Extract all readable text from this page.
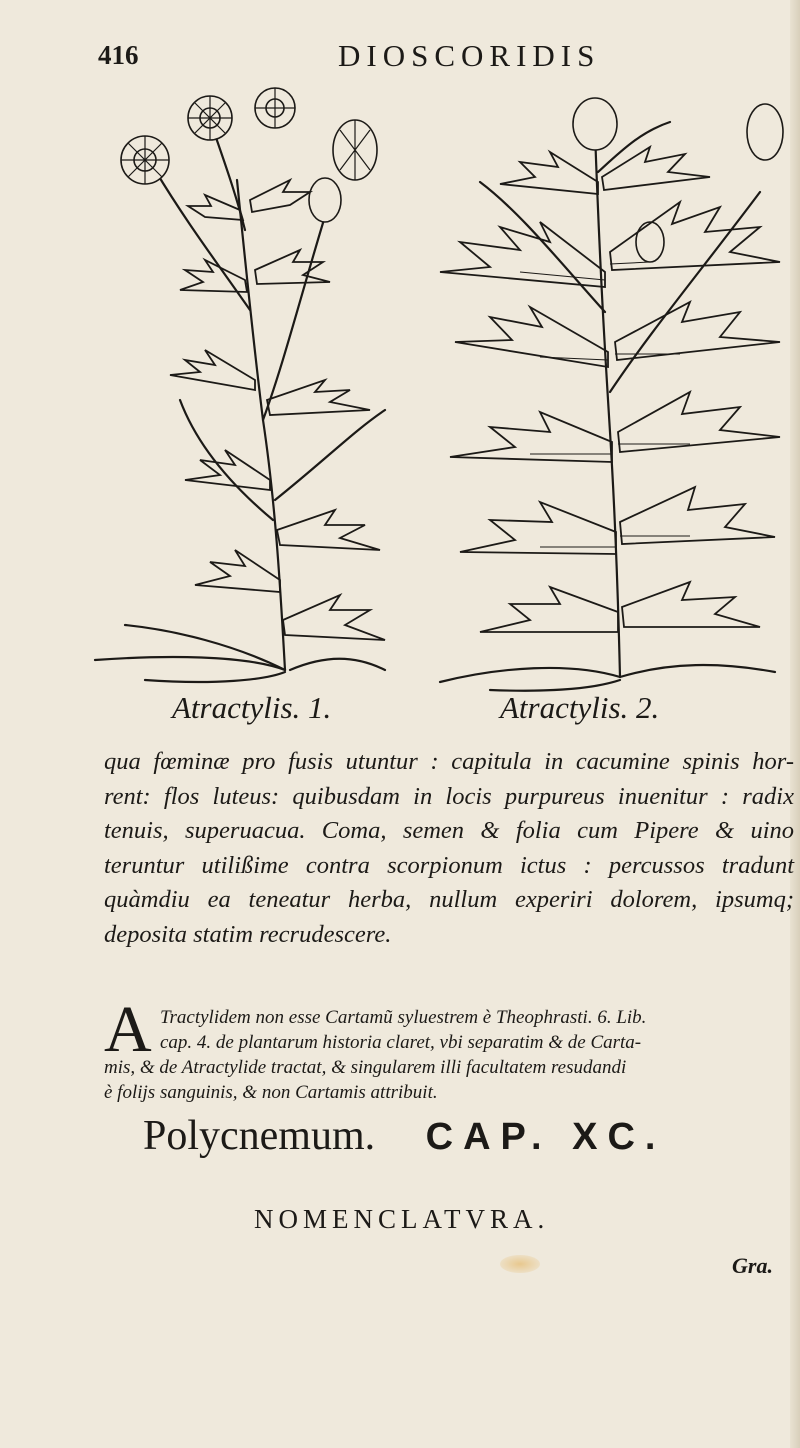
416	DIOSCORIDIS
Atractylis. 1.	Atractylis. 2.
qua fœminæ pro fusis utuntur : capitula in cacumine spinis hor-
rent: flos luteus: quibusdam in locis purpureus inuenitur : radix
tenuis, superuacua. Coma, semen & folia cum Pipere & uino
teruntur utilißime contra scorpionum ictus : percussos tradunt
quàmdiu ea teneatur herba, nullum experiri dolorem, ipsumq;
deposita statim recrudescere.
A Tractylidem non esse Cartamũ syluestrem è Theophrasti. 6. Lib.
cap. 4. de plantarum historia claret, vbi separatim & de Carta-
mis, & de Atractylide tractat, & singularem illi facultatem resudandi
è folijs sanguinis, & non Cartamis attribuit.
Polycnemum. CAP. XC.
NOMENCLATVRA.
Gra.
